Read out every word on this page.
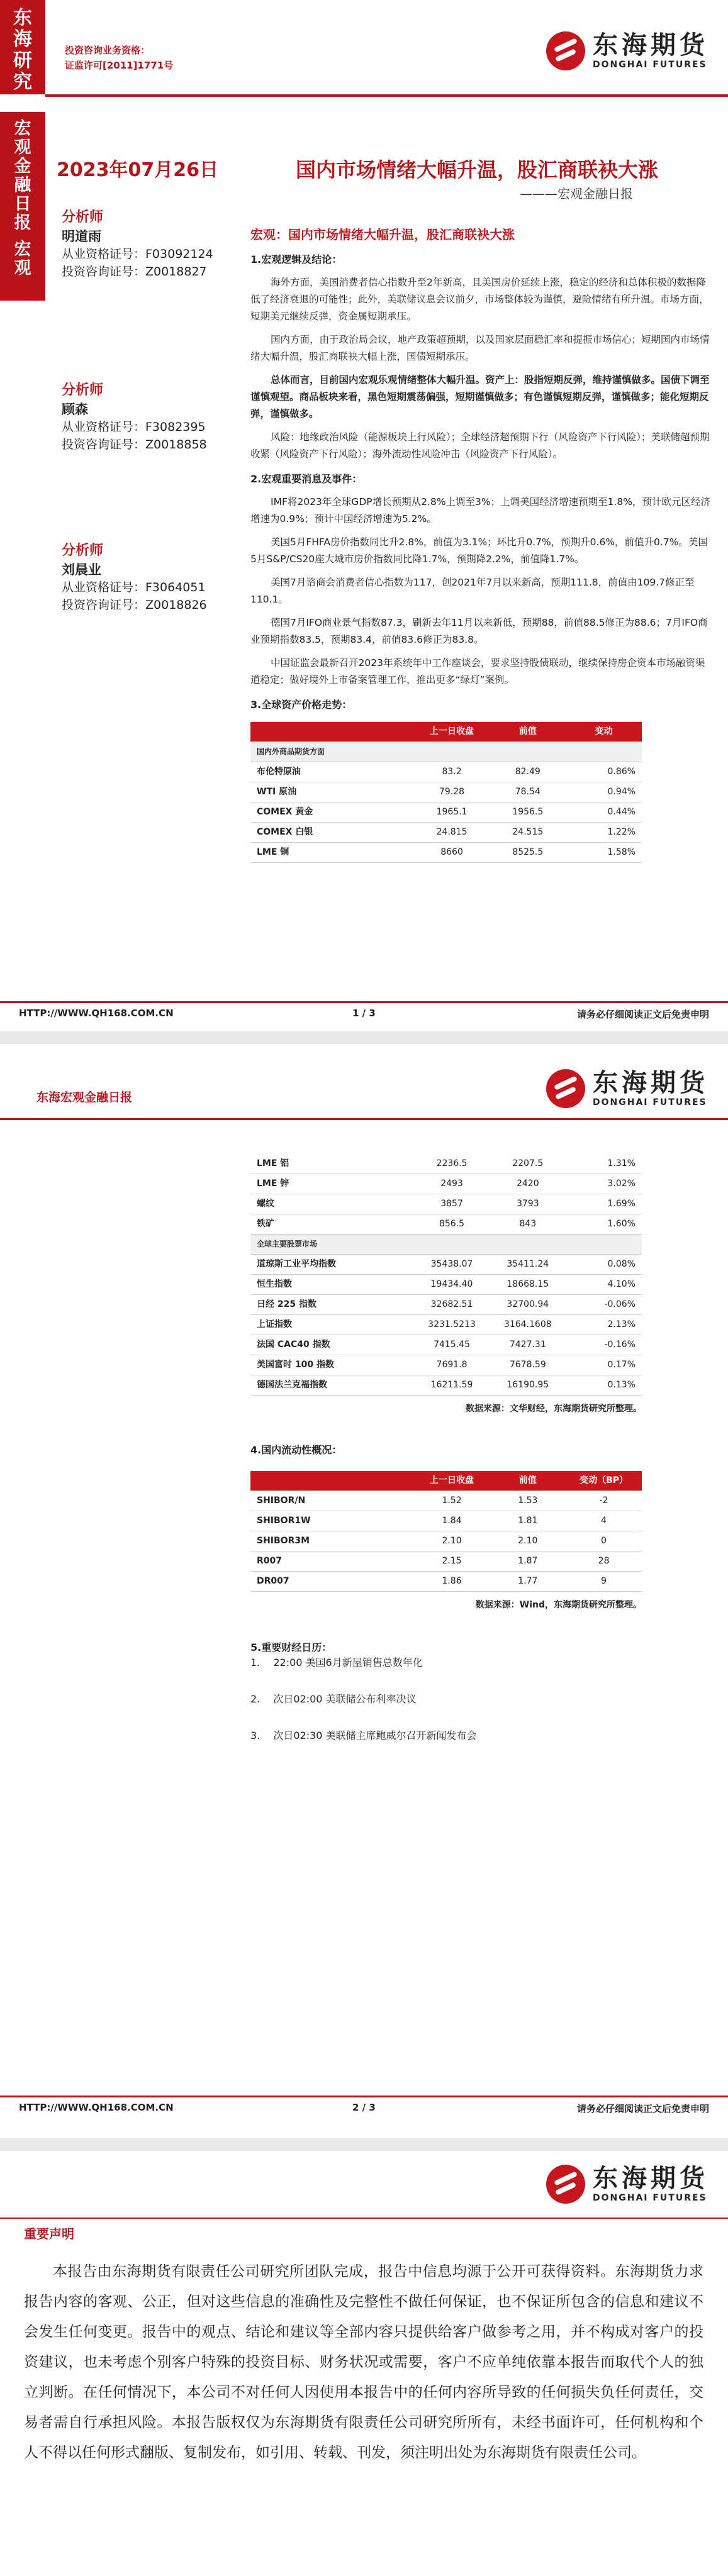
东海研究
投资咨询业务资格：
证监许可[2011]1771号
东海期货
DONGHAI FUTURES
宏观金融日报
宏观
2023年07月26日	国内市场情绪大幅升温，股汇商联袂大涨
———宏观金融日报
分析师
明道雨
从业资格证号：F03092124
投资咨询证号：Z0018827
分析师
顾森
从业资格证号：F3082395
投资咨询证号：Z0018858
分析师
刘晨业
从业资格证号：F3064051
投资咨询证号：Z0018826
宏观：国内市场情绪大幅升温，股汇商联袂大涨
1.宏观逻辑及结论：
海外方面，美国消费者信心指数升至2年新高，且美国房价延续上涨，稳定的经济和总体积极的数据降低了经济衰退的可能性；此外，美联储议息会议前夕，市场整体较为谨慎，避险情绪有所升温。市场方面，短期美元继续反弹，资金属短期承压。
国内方面，由于政治局会议，地产政策超预期，以及国家层面稳汇率和提振市场信心；短期国内市场情绪大幅升温，股汇商联袂大幅上涨，国债短期承压。
总体而言，目前国内宏观乐观情绪整体大幅升温。资产上：股指短期反弹，维持谨慎做多。国债下调至谨慎观望。商品板块来看，黑色短期震荡偏强，短期谨慎做多；有色谨慎短期反弹，谨慎做多；能化短期反弹，谨慎做多。
风险：地缘政治风险（能源板块上行风险）；全球经济超预期下行（风险资产下行风险）；美联储超预期收紧（风险资产下行风险）；海外流动性风险冲击（风险资产下行风险）。
2.宏观重要消息及事件：
IMF将2023年全球GDP增长预期从2.8%上调至3%；上调美国经济增速预期至1.8%，预计欧元区经济增速为0.9%；预计中国经济增速为5.2%。
美国5月FHFA房价指数同比升2.8%，前值为3.1%；环比升0.7%，预期升0.6%，前值升0.7%。美国5月S&P/CS20座大城市房价指数同比降1.7%，预期降2.2%，前值降1.7%。
美国7月谘商会消费者信心指数为117，创2021年7月以来新高，预期111.8，前值由109.7修正至110.1。
德国7月IFO商业景气指数87.3，刷新去年11月以来新低，预期88，前值88.5修正为88.6；7月IFO商业预期指数83.5，预期83.4，前值83.6修正为83.8。
中国证监会最新召开2023年系统年中工作座谈会，要求坚持股债联动，继续保持房企资本市场融资渠道稳定；做好境外上市备案管理工作，推出更多“绿灯”案例。
3.全球资产价格走势：
	上一日收盘	前值	变动
国内外商品期货方面			
布伦特原油	83.2	82.49	0.86%
WTI 原油	79.28	78.54	0.94%
COMEX 黄金	1965.1	1956.5	0.44%
COMEX 白银	24.815	24.515	1.22%
LME 铜	8660	8525.5	1.58%
HTTP://WWW.QH168.COM.CN	1 / 3	请务必仔细阅读正文后免责申明
东海宏观金融日报	东海期货
DONGHAI FUTURES
LME 铝	2236.5	2207.5	1.31%
LME 锌	2493	2420	3.02%
螺纹	3857	3793	1.69%
铁矿	856.5	843	1.60%
全球主要股票市场			
道琼斯工业平均指数	35438.07	35411.24	0.08%
恒生指数	19434.40	18668.15	4.10%
日经 225 指数	32682.51	32700.94	-0.06%
上证指数	3231.5213	3164.1608	2.13%
法国 CAC40 指数	7415.45	7427.31	-0.16%
美国富时 100 指数	7691.8	7678.59	0.17%
德国法兰克福指数	16211.59	16190.95	0.13%
数据来源：文华财经，东海期货研究所整理。
4.国内流动性概况：
	上一日收盘	前值	变动（BP）
SHIBOR/N	1.52	1.53	-2
SHIBOR1W	1.84	1.81	4
SHIBOR3M	2.10	2.10	0
R007	2.15	1.87	28
DR007	1.86	1.77	9
数据来源：Wind，东海期货研究所整理。
5.重要财经日历：
1.　 22:00 美国6月新屋销售总数年化
2.　 次日02:00 美联储公布利率决议
3.　 次日02:30 美联储主席鲍威尔召开新闻发布会
HTTP://WWW.QH168.COM.CN	2 / 3	请务必仔细阅读正文后免责申明
东海期货
DONGHAI FUTURES
重要声明
本报告由东海期货有限责任公司研究所团队完成，报告中信息均源于公开可获得资料。东海期货力求报告内容的客观、公正，但对这些信息的准确性及完整性不做任何保证，也不保证所包含的信息和建议不会发生任何变更。报告中的观点、结论和建议等全部内容只提供给客户做参考之用，并不构成对客户的投资建议，也未考虑个别客户特殊的投资目标、财务状况或需要，客户不应单纯依靠本报告而取代个人的独立判断。在任何情况下，本公司不对任何人因使用本报告中的任何内容所导致的任何损失负任何责任，交易者需自行承担风险。本报告版权仅为东海期货有限责任公司研究所所有，未经书面许可，任何机构和个人不得以任何形式翻版、复制发布，如引用、转载、刊发，须注明出处为东海期货有限责任公司。
